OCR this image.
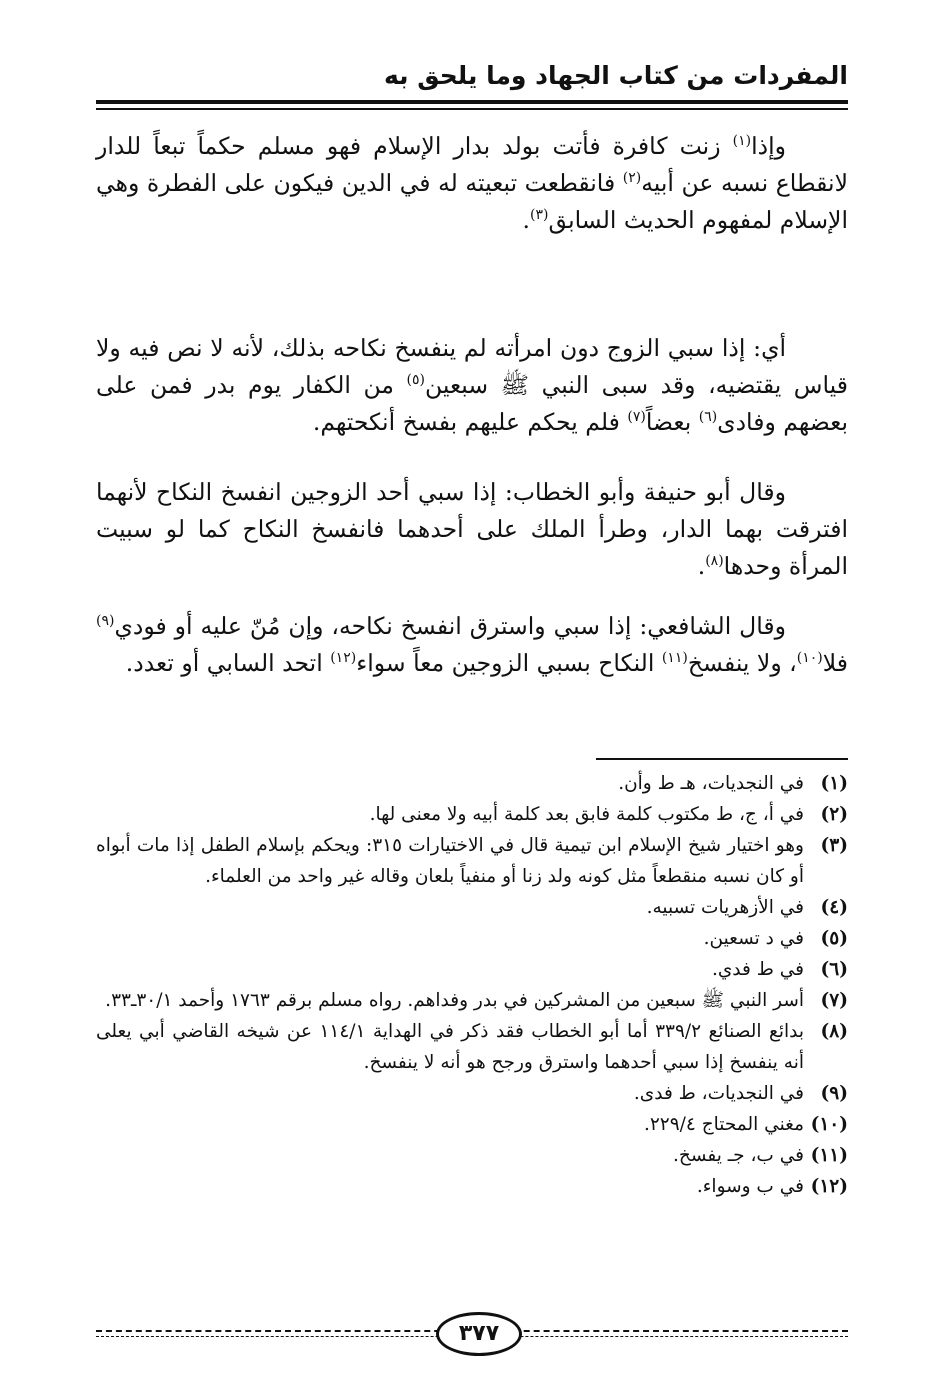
المفردات من كتاب الجهاد وما يلحق به
وإذا$^{(١)}$ زنت كافرة فأتت بولد بدار الإسلام فهو مسلم حكماً تبعاً للدار لانقطاع نسبه عن أبيه$^{(٢)}$ فانقطعت تبعيته له في الدين فيكون على الفطرة وهي الإسلام لمفهوم الحديث السابق$^{(٣)}$.
أي: إذا سبي الزوج دون امرأته لم ينفسخ نكاحه بذلك، لأنه لا نص فيه ولا قياس يقتضيه، وقد سبى النبي ﷺ سبعين$^{(٥)}$ من الكفار يوم بدر فمن على بعضهم وفادى$^{(٦)}$ بعضاً$^{(٧)}$ فلم يحكم عليهم بفسخ أنكحتهم.
وقال أبو حنيفة وأبو الخطاب: إذا سبي أحد الزوجين انفسخ النكاح لأنهما افترقت بهما الدار، وطرأ الملك على أحدهما فانفسخ النكاح كما لو سبيت المرأة وحدها$^{(٨)}$.
وقال الشافعي: إذا سبي واسترق انفسخ نكاحه، وإن مُنّ عليه أو فودي$^{(٩)}$ فلا$^{(١٠)}$، ولا ينفسخ$^{(١١)}$ النكاح بسبي الزوجين معاً سواء$^{(١٢)}$ اتحد السابي أو تعدد.
(١)
في النجديات، هـ ط وأن.
(٢)
في أ، ج، ط مكتوب كلمة فابق بعد كلمة أبيه ولا معنى لها.
(٣)
وهو اختيار شيخ الإسلام ابن تيمية قال في الاختيارات ٣١٥: ويحكم بإسلام الطفل إذا مات أبواه أو كان نسبه منقطعاً مثل كونه ولد زنا أو منفياً بلعان وقاله غير واحد من العلماء.
(٤)
في الأزهريات تسبيه.
(٥)
في د تسعين.
(٦)
في ط فدي.
(٧)
أسر النبي ﷺ سبعين من المشركين في بدر وفداهم. رواه مسلم برقم ١٧٦٣ وأحمد ٣٠/١ـ٣٣.
(٨)
بدائع الصنائع ٣٣٩/٢ أما أبو الخطاب فقد ذكر في الهداية ١١٤/١ عن شيخه القاضي أبي يعلى أنه ينفسخ إذا سبي أحدهما واسترق ورجح هو أنه لا ينفسخ.
(٩)
في النجديات، ط فدى.
(١٠)
مغني المحتاج ٢٢٩/٤.
(١١)
في ب، جـ يفسخ.
(١٢)
في ب وسواء.
٣٧٧
